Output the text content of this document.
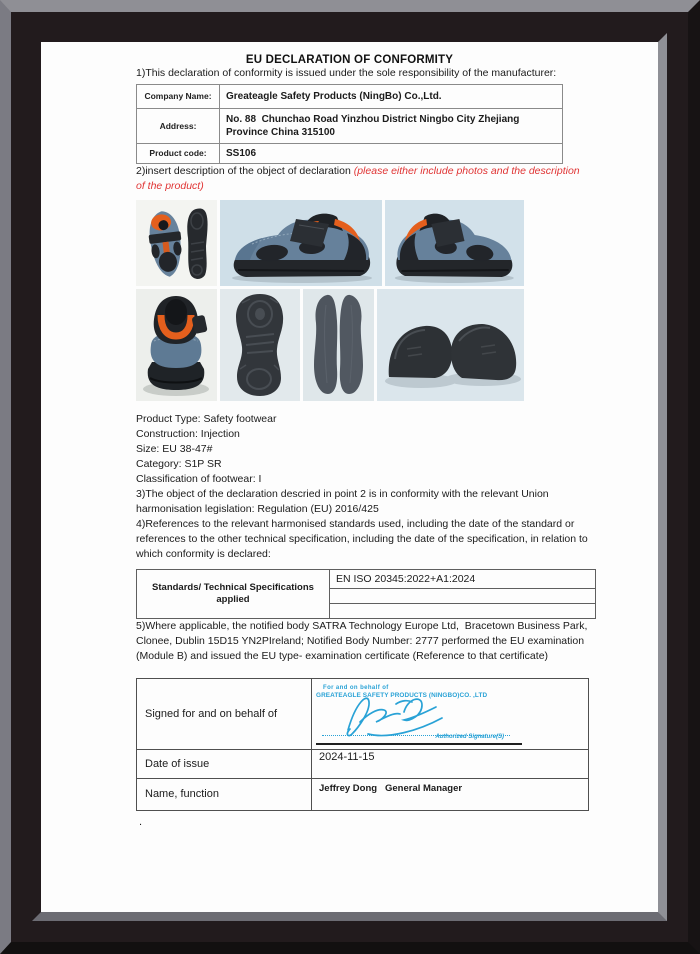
EU DECLARATION OF CONFORMITY

1)This declaration of conformity is issued under the sole responsibility of the manufacturer:

Company Name:	Greateagle Safety Products (NingBo) Co.,Ltd.
Address:	No. 88  Chunchao Road Yinzhou District Ningbo City Zhejiang Province China 315100
Product code:	SS106

2)insert description of the object of declaration (please either include photos and the description of the product)

Product Type: Safety footwear
Construction: Injection
Size: EU 38-47#
Category: S1P SR
Classification of footwear: I

3)The object of the declaration descried in point 2 is in conformity with the relevant Union harmonisation legislation: Regulation (EU) 2016/425

4)References to the relevant harmonised standards used, including the date of the standard or references to the other technical specification, including the date of the specification, in relation to which conformity is declared:

Standards/ Technical Specifications applied	EN ISO 20345:2022+A1:2024

5)Where applicable, the notified body SATRA Technology Europe Ltd,  Bracetown Business Park, Clonee, Dublin 15D15 YN2PIreland; Notified Body Number: 2777 performed the EU examination (Module B) and issued the EU type- examination certificate (Reference to that certificate)

Signed for and on behalf of	For and on behalf of
GREATEAGLE SAFETY PRODUCTS (NINGBO)CO. ,LTD
Authorized Signature(S)

Date of issue	2024-11-15
Name, function	Jeffrey Dong   General Manager
.
